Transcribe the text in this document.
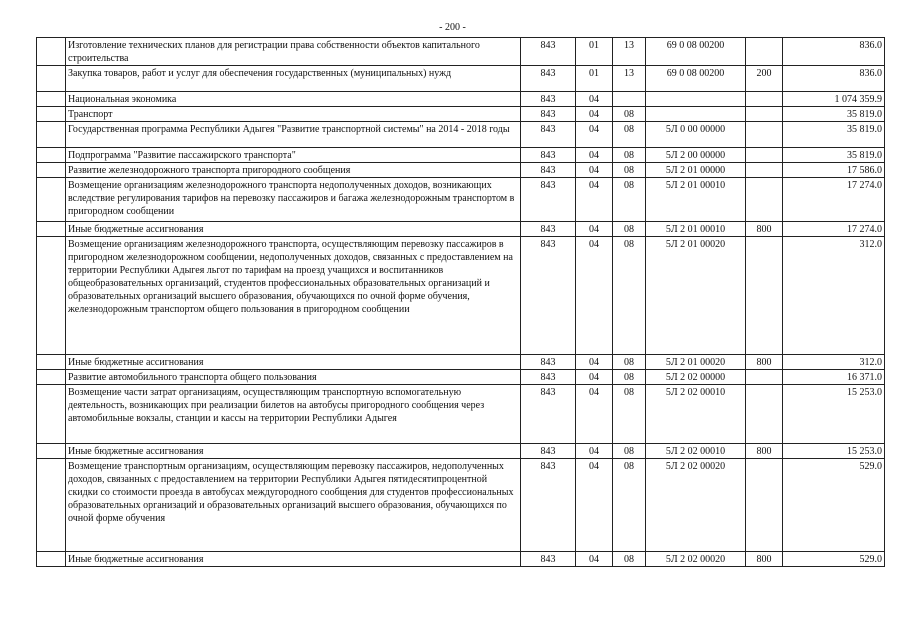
- 200 -
	Изготовление технических планов для регистрации права собственности объектов капитального строительства	843	01	13	69 0 08 00200		836.0
	Закупка товаров, работ и услуг для обеспечения государственных (муниципальных) нужд	843	01	13	69 0 08 00200	200	836.0
	Национальная экономика	843	04				1 074 359.9
	Транспорт	843	04	08			35 819.0
	Государственная программа Республики Адыгея "Развитие транспортной системы" на 2014 - 2018 годы	843	04	08	5Л 0 00 00000		35 819.0
	Подпрограмма "Развитие пассажирского транспорта"	843	04	08	5Л 2 00 00000		35 819.0
	Развитие железнодорожного транспорта пригородного сообщения	843	04	08	5Л 2 01 00000		17 586.0
	Возмещение организациям железнодорожного транспорта недополученных доходов, возникающих вследствие регулирования тарифов на перевозку пассажиров и багажа железнодорожным транспортом в пригородном сообщении	843	04	08	5Л 2 01 00010		17 274.0
	Иные бюджетные ассигнования	843	04	08	5Л 2 01 00010	800	17 274.0
	Возмещение организациям железнодорожного транспорта, осуществляющим перевозку пассажиров в пригородном железнодорожном сообщении, недополученных доходов, связанных с предоставлением на территории Республики Адыгея льгот по тарифам на проезд учащихся и воспитанников общеобразовательных организаций, студентов профессиональных образовательных организаций и образовательных организаций высшего образования, обучающихся по очной форме обучения, железнодорожным транспортом общего пользования в пригородном сообщении	843	04	08	5Л 2 01 00020		312.0
	Иные бюджетные ассигнования	843	04	08	5Л 2 01 00020	800	312.0
	Развитие автомобильного транспорта общего пользования	843	04	08	5Л 2 02 00000		16 371.0
	Возмещение части затрат организациям, осуществляющим транспортную вспомогательную деятельность, возникающих при реализации билетов на автобусы пригородного сообщения через автомобильные вокзалы, станции и кассы на территории Республики Адыгея	843	04	08	5Л 2 02 00010		15 253.0
	Иные бюджетные ассигнования	843	04	08	5Л 2 02 00010	800	15 253.0
	Возмещение транспортным организациям, осуществляющим перевозку пассажиров, недополученных доходов, связанных с предоставлением на территории Республики Адыгея пятидесятипроцентной скидки со стоимости проезда в автобусах междугородного сообщения для студентов профессиональных образовательных организаций и образовательных организаций высшего образования, обучающихся по очной форме обучения	843	04	08	5Л 2 02 00020		529.0
	Иные бюджетные ассигнования	843	04	08	5Л 2 02 00020	800	529.0
